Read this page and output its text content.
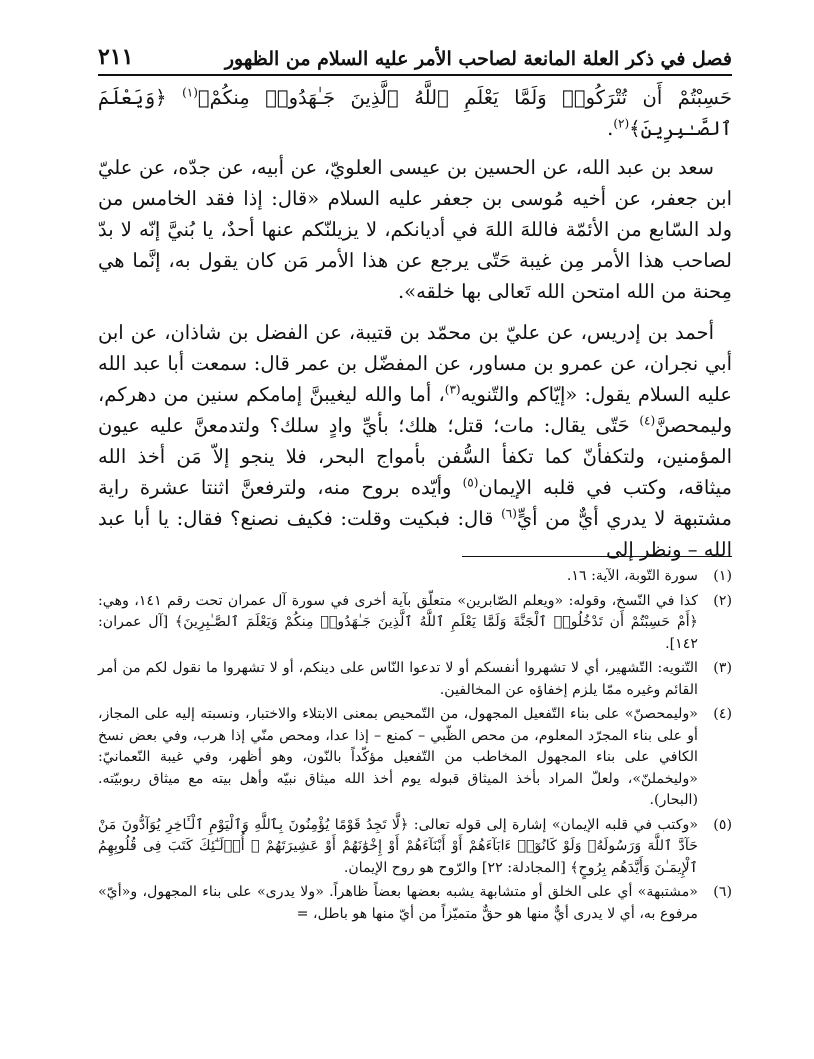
فصل في ذكر العلة المانعة لصاحب الأمر عليه السلام من الظهور
٢١١

حَسِبْتُمْ أَن تُتْرَكُوا۟ وَلَمَّا يَعْلَمِ ٱللَّهُ ٱلَّذِينَ جَـٰهَدُوا۟ مِنكُمْ﴾$^{(١)}$ ﴿وَيَعْلَمَ ٱلصَّـٰبِرِينَ﴾$^{(٢)}$.

سعد بن عبد الله، عن الحسين بن عيسى العلويّ، عن أبيه، عن جدّه، عن عليّ ابن جعفر، عن أخيه مُوسى بن جعفر عليه السلام «قال: إذا فقد الخامس من ولد السّابع من الأئمّة فاللهَ اللهَ في أديانكم، لا يزيلنّكم عنها أحدٌ، يا بُنيَّ إنّه لا بدّ لصاحب هذا الأمر مِن غيبة حَتّى يرجع عن هذا الأمر مَن كان يقول به، إنَّما هي مِحنة من الله امتحن الله تَعالى بها خلقه».

أحمد بن إدريس، عن عليّ بن محمّد بن قتيبة، عن الفضل بن شاذان، عن ابن أبي نجران، عن عمرو بن مساور، عن المفضّل بن عمر قال: سمعت أبا عبد الله عليه السلام يقول: «إيّاكم والتّنويه$^{(٣)}$، أما والله ليغيبنَّ إمامكم سنين من دهركم، وليمحصنَّ$^{(٤)}$ حَتّى يقال: مات؛ قتل؛ هلك؛ بأيِّ وادٍ سلك؟ ولتدمعنَّ عليه عيون المؤمنين، ولتكفأنّ كما تكفأ السُّفن بأمواج البحر، فلا ينجو إلاّ مَن أخذ الله ميثاقه، وكتب في قلبه الإيمان$^{(٥)}$ وأيّده بروح منه، ولترفعنَّ اثنتا عشرة راية مشتبهة لا يدري أيٌّ من أيٍّ$^{(٦)}$ قال: فبكيت وقلت: فكيف نصنع؟ فقال: يا أبا عبد الله – ونظر إلى

(١)
سورة التّوبة، الآية: ١٦.
(٢)
كذا في النّسخ، وقوله: «ويعلم الصّابرين» متعلّق بآية أخرى في سورة آل عمران تحت رقم ١٤١، وهي: ﴿أَمْ حَسِبْتُمْ أَن تَدْخُلُوا۟ ٱلْجَنَّةَ وَلَمَّا يَعْلَمِ ٱللَّهُ ٱلَّذِينَ جَـٰهَدُوا۟ مِنكُمْ وَيَعْلَمَ ٱلصَّـٰبِرِينَ﴾ [آل عمران: ١٤٢].
(٣)
التّنويه: التّشهير، أي لا تشهروا أنفسكم أو لا تدعوا النّاس على دينكم، أو لا تشهروا ما نقول لكم من أمر القائم وغيره ممّا يلزم إخفاؤه عن المخالفين.
(٤)
«وليمحصنّ» على بناء التّفعيل المجهول، من التّمحيص بمعنى الابتلاء والاختبار، ونسبته إليه على المجاز، أو على بناء المجرّد المعلوم، من محص الظّبي – كمنع – إذا عدا، ومحص منّي إذا هرب، وفي بعض نسخ الكافي على بناء المجهول المخاطب من التّفعيل مؤكّداً بالنّون، وهو أظهر، وفي غيبة النّعمانيّ: «وليخملنّ»، ولعلّ المراد بأخذ الميثاق قبوله يوم أخذ الله ميثاق نبيّه وأهل بيته مع ميثاق ربوبيّته. (البحار).
(٥)
«وكتب في قلبه الإيمان» إشارة إلى قوله تعالى: ﴿لَّا تَجِدُ قَوْمًا يُؤْمِنُونَ بِٱللَّهِ وَٱلْيَوْمِ ٱلْـَٔاخِرِ يُوَآدُّونَ مَنْ حَآدَّ ٱللَّهَ وَرَسُولَهُۥ وَلَوْ كَانُوٓا۟ ءَابَآءَهُمْ أَوْ أَبْنَآءَهُمْ أَوْ إِخْوَٰنَهُمْ أَوْ عَشِيرَتَهُمْ ۚ أُو۟لَـٰٓئِكَ كَتَبَ فِى قُلُوبِهِمُ ٱلْإِيمَـٰنَ وَأَيَّدَهُم بِرُوحٍ﴾ [المجادلة: ٢٢] والرّوح هو روح الإيمان.
(٦)
«مشتبهة» أي على الخلق أو متشابهة يشبه بعضها بعضاً ظاهراً. «ولا يدرى» على بناء المجهول، و«أيّ» مرفوع به، أي لا يدرى أيٌّ منها هو حقٌّ متميّزاً من أيّ منها هو باطل، =
